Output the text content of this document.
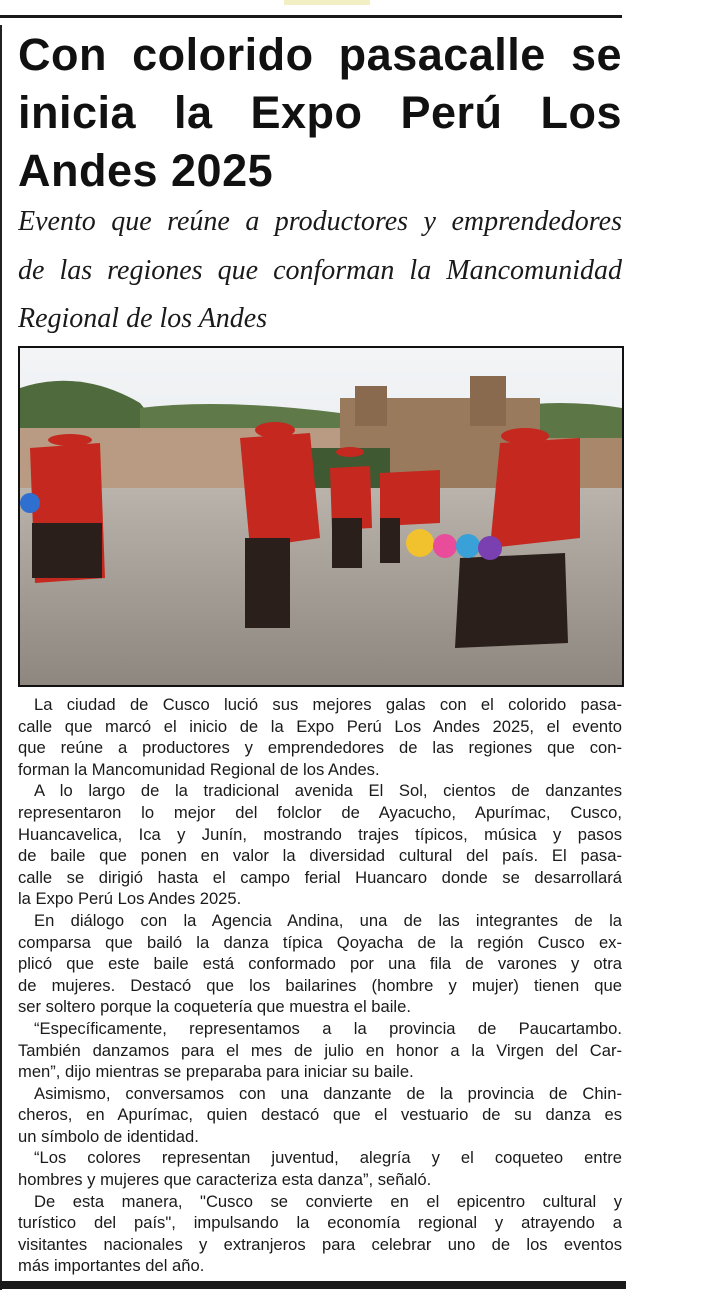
Con colorido pasacalle se
inicia la Expo Perú Los
Andes 2025
Evento que reúne a productores y emprendedores
de las regiones que conforman la Mancomunidad
Regional de los Andes
La ciudad de Cusco lució sus mejores galas con el colorido pasa-
calle que marcó el inicio de la Expo Perú Los Andes 2025, el evento
que reúne a productores y emprendedores de las regiones que con-
forman la Mancomunidad Regional de los Andes.
A lo largo de la tradicional avenida El Sol, cientos de danzantes
representaron lo mejor del folclor de Ayacucho, Apurímac, Cusco,
Huancavelica, Ica y Junín, mostrando trajes típicos, música y pasos
de baile que ponen en valor la diversidad cultural del país. El pasa-
calle se dirigió hasta el campo ferial Huancaro donde se desarrollará
la Expo Perú Los Andes 2025.
En diálogo con la Agencia Andina, una de las integrantes de la
comparsa que bailó la danza típica Qoyacha de la región Cusco ex-
plicó que este baile está conformado por una fila de varones y otra
de mujeres. Destacó que los bailarines (hombre y mujer) tienen que
ser soltero porque la coquetería que muestra el baile.
“Específicamente, representamos a la provincia de Paucartambo.
También danzamos para el mes de julio en honor a la Virgen del Car-
men”, dijo mientras se preparaba para iniciar su baile.
Asimismo, conversamos con una danzante de la provincia de Chin-
cheros, en Apurímac, quien destacó que el vestuario de su danza es
un símbolo de identidad.
“Los colores representan juventud, alegría y el coqueteo entre
hombres y mujeres que caracteriza esta danza”, señaló.
De esta manera, "Cusco se convierte en el epicentro cultural y
turístico del país", impulsando la economía regional y atrayendo a
visitantes nacionales y extranjeros para celebrar uno de los eventos
más importantes del año.
